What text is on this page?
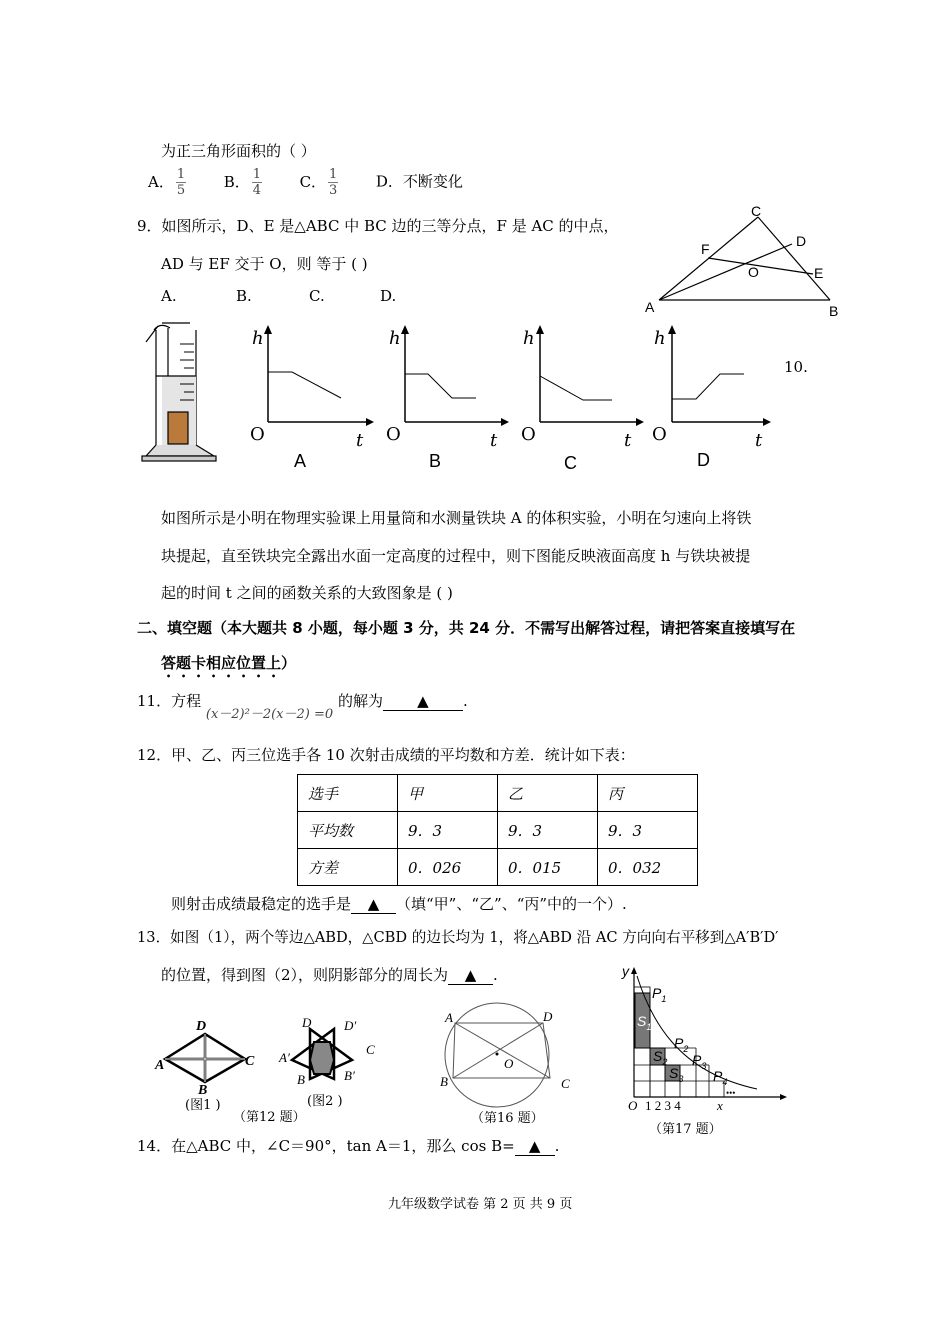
为正三角形面积的（ ）
A． $\frac{1}{5}$	B． $\frac{1}{4}$	C． $\frac{1}{3}$	D．不断变化
9．如图所示，D、E 是△ABC 中 BC 边的三等分点，F 是 AC 的中点，
AD 与 EF 交于 O，则 等于 ( )
A.	B.	C.	D.
C
D
F
O	E
A	B
h
O	t
A
h
O	t
B
h
O	t
C
h
O	t
D
10.
如图所示是小明在物理实验课上用量筒和水测量铁块 A 的体积实验，小明在匀速向上将铁
块提起，直至铁块完全露出水面一定高度的过程中，则下图能反映液面高度 h 与铁块被提
起的时间 t 之间的函数关系的大致图象是 ( )
二、填空题（本大题共 8 小题，每小题 3 分，共 24 分．不需写出解答过程，请把答案直接填写在
答题卡相应位置上）
11．方程 (x－2)²－2(x－2) =0 的解为 ▲ .
12．甲、乙、丙三位选手各 10 次射击成绩的平均数和方差．统计如下表：
选手	甲	乙	丙
平均数	9．3	9．3	9．3
方差	0．026	0．015	0．032
则射击成绩最稳定的选手是 ▲ （填“甲”、“乙”、“丙”中的一个）.
13．如图（1），两个等边△ABD，△CBD 的边长均为 1，将△ABD 沿 AC 方向向右平移到△A′B′D′
的位置，得到图（2），则阴影部分的周长为 ▲ .
D
A	C
B
(图1 )
（第12 题）
D	D′
A′
C
B	B′
(图2 )
A	D
O
B	C
（第16 题）
y
$P_1$
$P_2$
$P_3$
$P_4$
$S_1$
$S_2$
$S_3$
O 1 2 3 4	x
•••
（第17 题）
14．在△ABC 中，∠C＝90°，tan A＝1，那么 cos B= ▲ .
九年级数学试卷 第 2 页 共 9 页
